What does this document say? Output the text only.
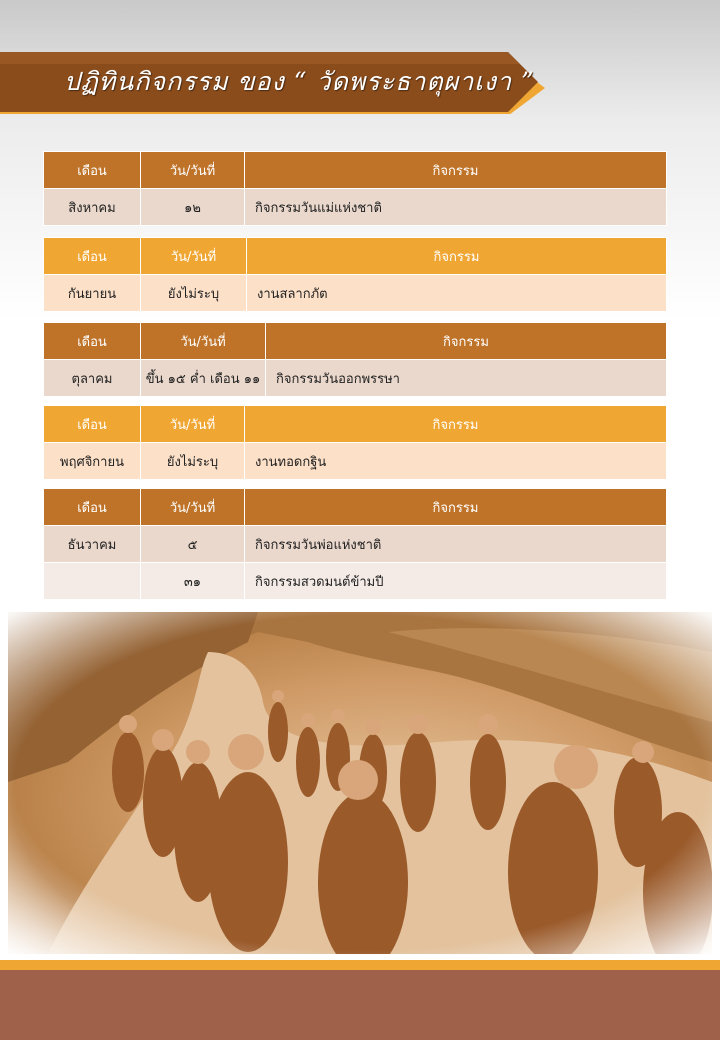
ปฏิทินกิจกรรม ของ “ วัดพระธาตุผาเงา ”
เดือน	วัน/วันที่	กิจกรรม
สิงหาคม	๑๒	กิจกรรมวันแม่แห่งชาติ
เดือน	วัน/วันที่	กิจกรรม
กันยายน	ยังไม่ระบุ	งานสลากภัต
เดือน	วัน/วันที่	กิจกรรม
ตุลาคม	ขึ้น ๑๕ ค่ำ เดือน ๑๑	กิจกรรมวันออกพรรษา
เดือน	วัน/วันที่	กิจกรรม
พฤศจิกายน	ยังไม่ระบุ	งานทอดกฐิน
เดือน	วัน/วันที่	กิจกรรม
ธันวาคม	๕	กิจกรรมวันพ่อแห่งชาติ
	๓๑	กิจกรรมสวดมนต์ข้ามปี
